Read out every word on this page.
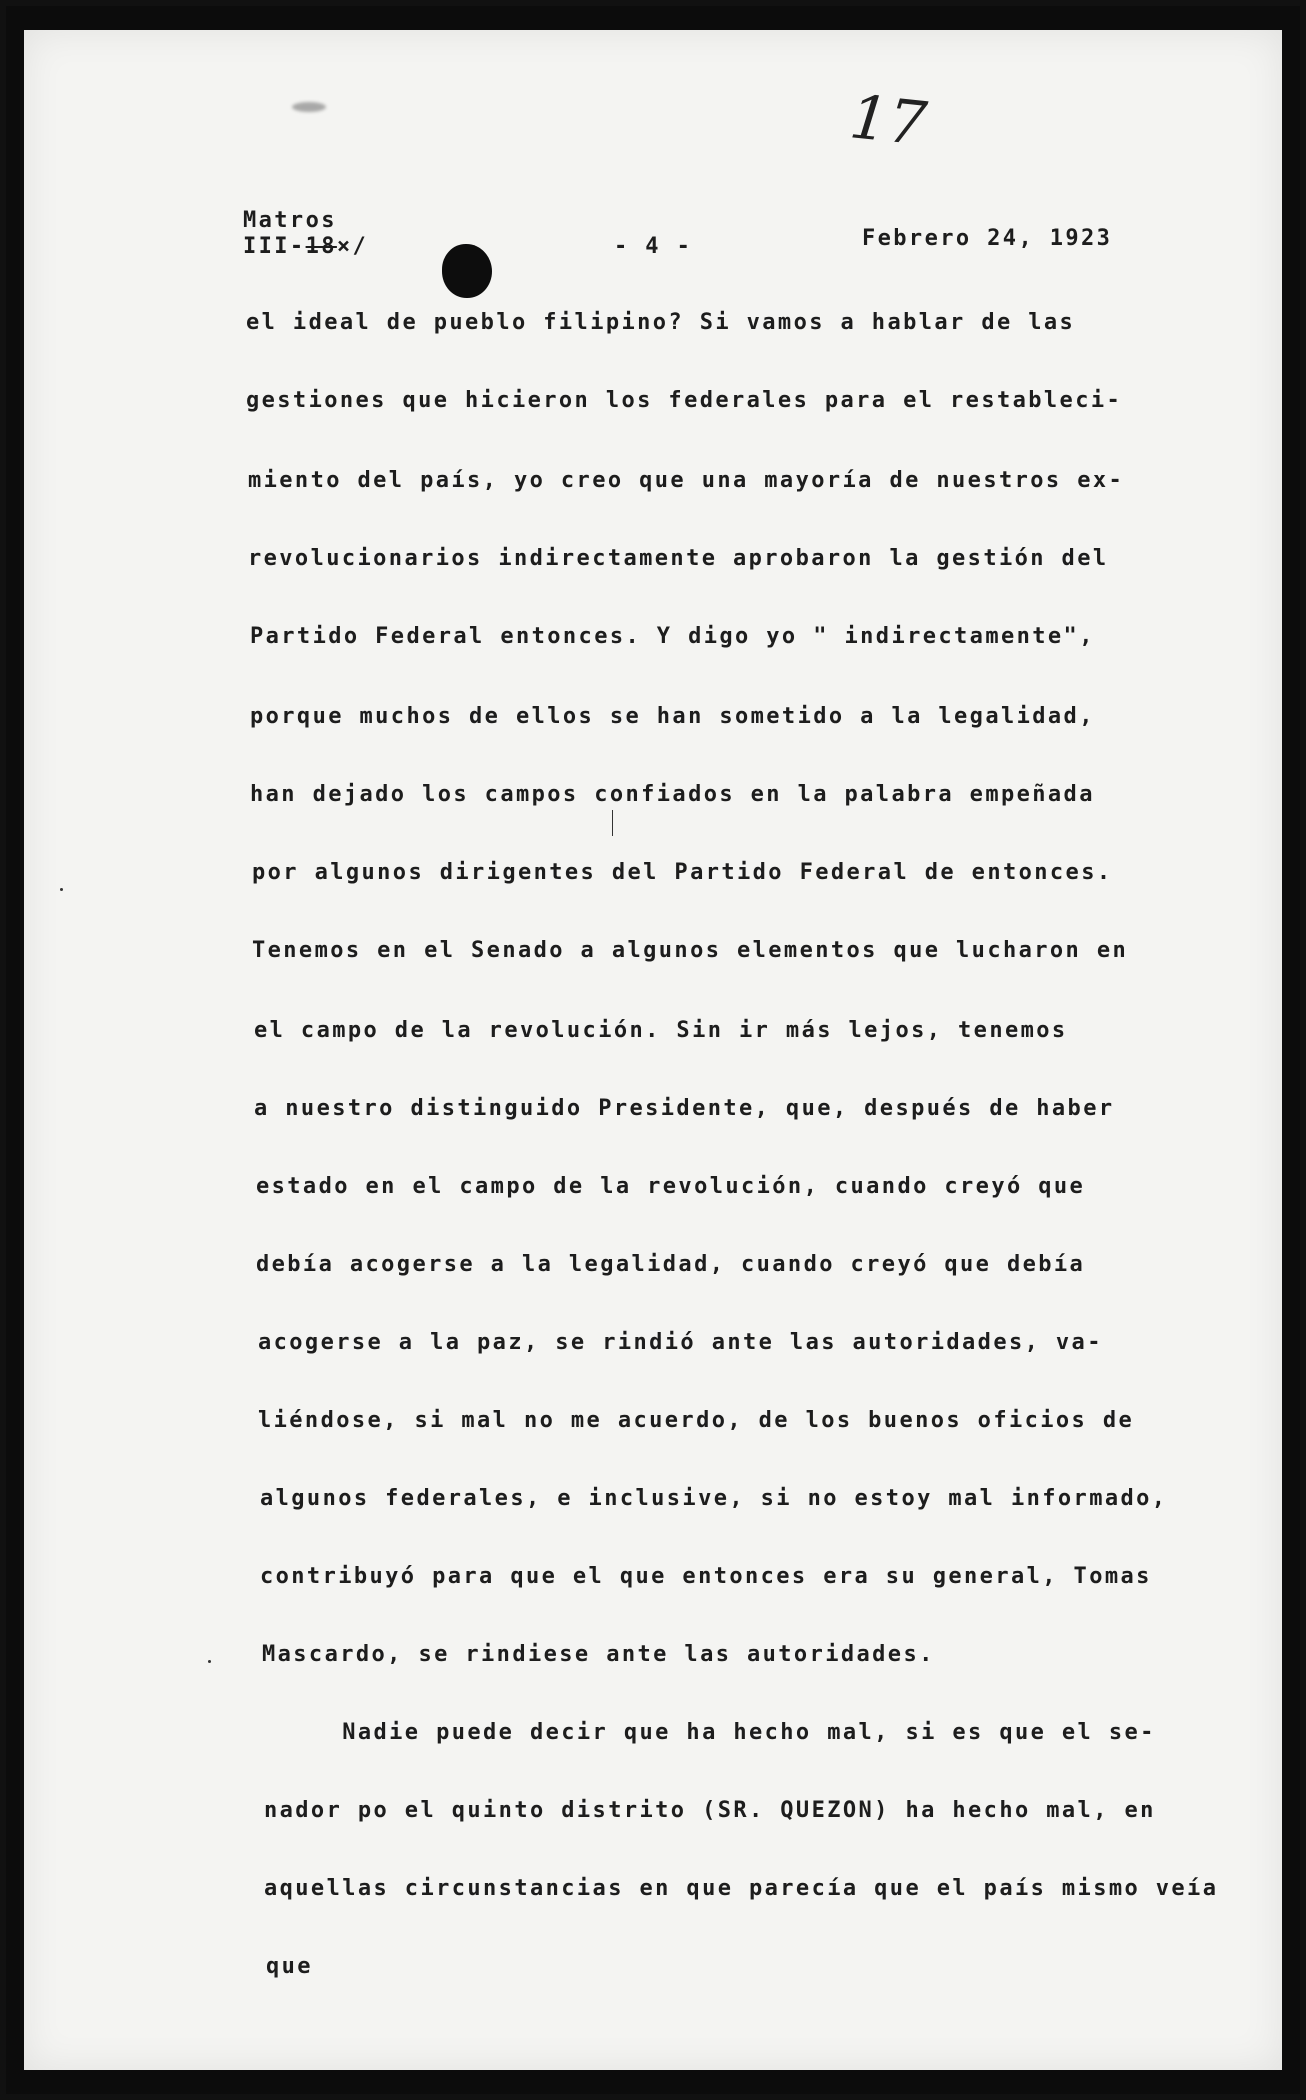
17
Matros
III-18×/	- 4 -	Febrero 24, 1923
el ideal de pueblo filipino? Si vamos a hablar de las
gestiones que hicieron los federales para el restableci-
miento del país, yo creo que una mayoría de nuestros ex-
revolucionarios indirectamente aprobaron la gestión del
Partido Federal entonces. Y digo yo " indirectamente",
porque muchos de ellos se han sometido a la legalidad,
han dejado los campos confiados en la palabra empeñada
por algunos dirigentes del Partido Federal de entonces.
Tenemos en el Senado a algunos elementos que lucharon en
el campo de la revolución. Sin ir más lejos, tenemos
a nuestro distinguido Presidente, que, después de haber
estado en el campo de la revolución, cuando creyó que
debía acogerse a la legalidad, cuando creyó que debía
acogerse a la paz, se rindió ante las autoridades, va-
liéndose, si mal no me acuerdo, de los buenos oficios de
algunos federales, e inclusive, si no estoy mal informado,
contribuyó para que el que entonces era su general, Tomas
Mascardo, se rindiese ante las autoridades.
Nadie puede decir que ha hecho mal, si es que el se-
nador po el quinto distrito (SR. QUEZON) ha hecho mal, en
aquellas circunstancias en que parecía que el país mismo veía
que
